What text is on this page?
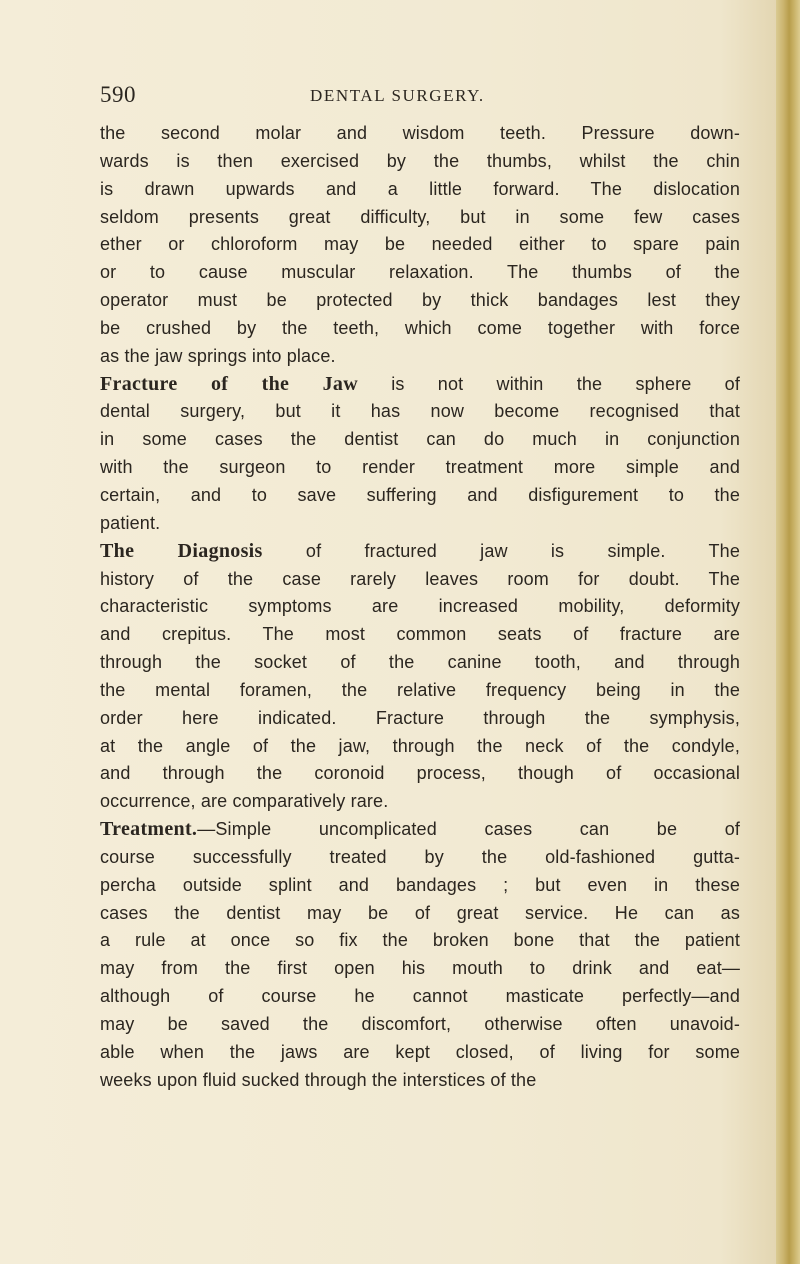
590	DENTAL SURGERY.
the second molar and wisdom teeth. Pressure down-
wards is then exercised by the thumbs, whilst the chin
is drawn upwards and a little forward. The dislocation
seldom presents great difficulty, but in some few cases
ether or chloroform may be needed either to spare pain
or to cause muscular relaxation. The thumbs of the
operator must be protected by thick bandages lest they
be crushed by the teeth, which come together with force
as the jaw springs into place.
Fracture of the Jaw is not within the sphere of
dental surgery, but it has now become recognised that
in some cases the dentist can do much in conjunction
with the surgeon to render treatment more simple and
certain, and to save suffering and disfigurement to the
patient.
The Diagnosis of fractured jaw is simple. The
history of the case rarely leaves room for doubt. The
characteristic symptoms are increased mobility, deformity
and crepitus. The most common seats of fracture are
through the socket of the canine tooth, and through
the mental foramen, the relative frequency being in the
order here indicated. Fracture through the symphysis,
at the angle of the jaw, through the neck of the condyle,
and through the coronoid process, though of occasional
occurrence, are comparatively rare.
Treatment.—Simple uncomplicated cases can be of
course successfully treated by the old-fashioned gutta-
percha outside splint and bandages ; but even in these
cases the dentist may be of great service. He can as
a rule at once so fix the broken bone that the patient
may from the first open his mouth to drink and eat—
although of course he cannot masticate perfectly—and
may be saved the discomfort, otherwise often unavoid-
able when the jaws are kept closed, of living for some
weeks upon fluid sucked through the interstices of the
